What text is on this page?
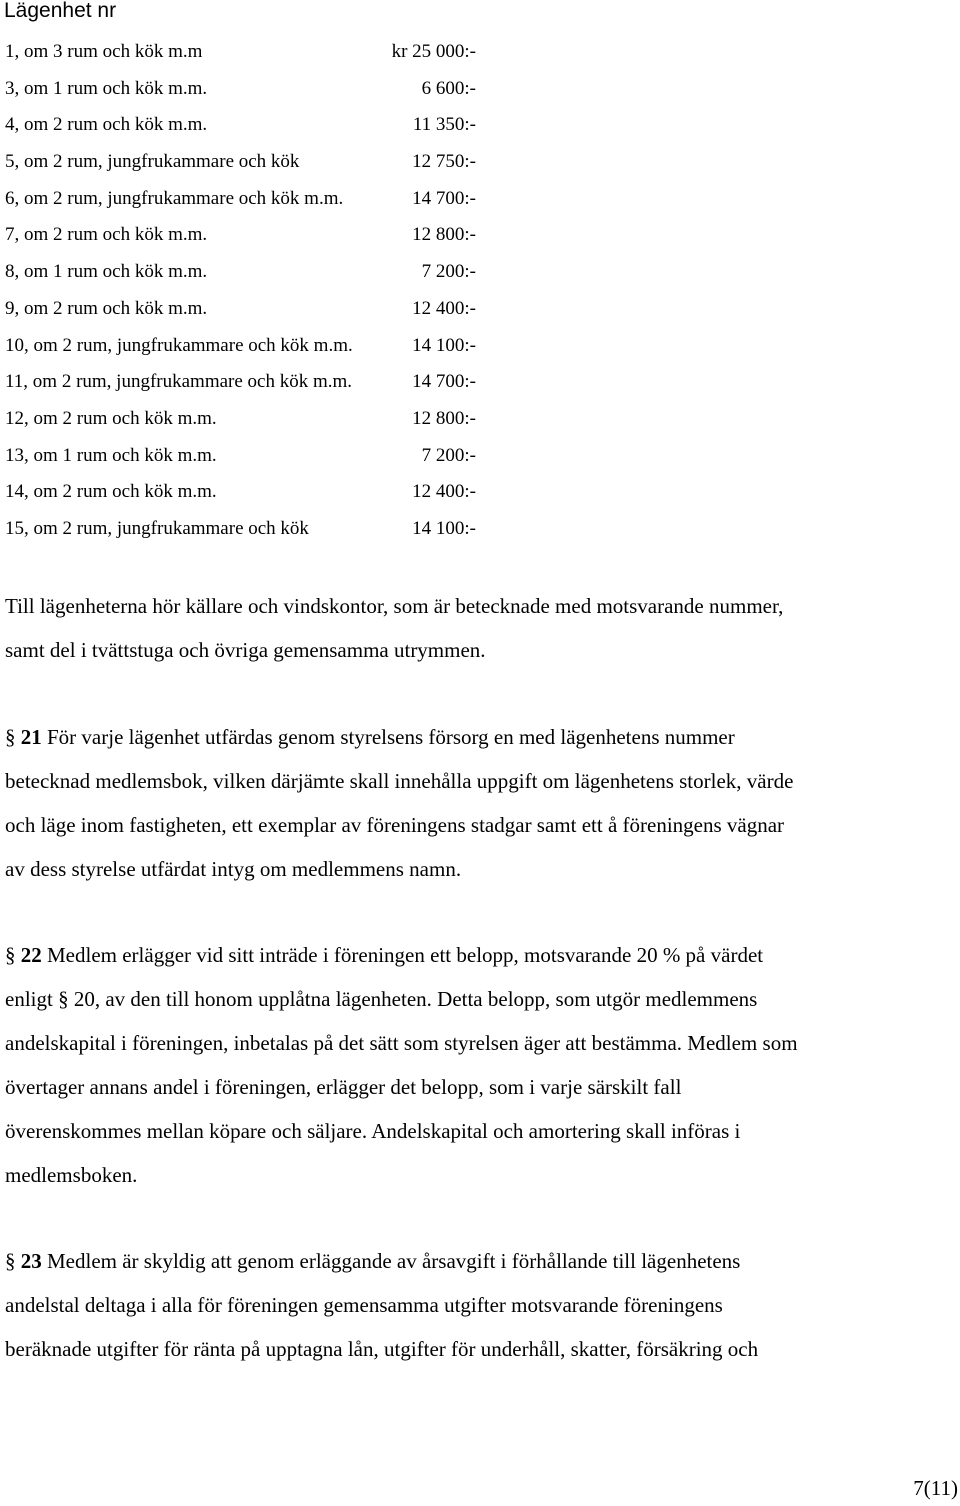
Lägenhet nr
1, om 3 rum och kök m.m	kr 25 000:-
3, om 1 rum och kök m.m.	6 600:-
4, om 2 rum och kök m.m.	11 350:-
5, om 2 rum, jungfrukammare och kök	12 750:-
6, om 2 rum, jungfrukammare och kök m.m.	14 700:-
7, om 2 rum och kök m.m.	12 800:-
8, om 1 rum och kök m.m.	7 200:-
9, om 2 rum och kök m.m.	12 400:-
10, om 2 rum, jungfrukammare och kök m.m.	14 100:-
11, om 2 rum, jungfrukammare och kök m.m.	14 700:-
12, om 2 rum och kök m.m.	12 800:-
13, om 1 rum och kök m.m.	7 200:-
14, om 2 rum och kök m.m.	12 400:-
15, om 2 rum, jungfrukammare och kök	14 100:-
Till lägenheterna hör källare och vindskontor, som är betecknade med motsvarande nummer,
samt del i tvättstuga och övriga gemensamma utrymmen.
§ 21 För varje lägenhet utfärdas genom styrelsens försorg en med lägenhetens nummer
betecknad medlemsbok, vilken därjämte skall innehålla uppgift om lägenhetens storlek, värde
och läge inom fastigheten, ett exemplar av föreningens stadgar samt ett å föreningens vägnar
av dess styrelse utfärdat intyg om medlemmens namn.
§ 22 Medlem erlägger vid sitt inträde i föreningen ett belopp, motsvarande 20 % på värdet
enligt § 20, av den till honom upplåtna lägenheten. Detta belopp, som utgör medlemmens
andelskapital i föreningen, inbetalas på det sätt som styrelsen äger att bestämma. Medlem som
övertager annans andel i föreningen, erlägger det belopp, som i varje särskilt fall
överenskommes mellan köpare och säljare. Andelskapital och amortering skall införas i
medlemsboken.
§ 23 Medlem är skyldig att genom erläggande av årsavgift i förhållande till lägenhetens
andelstal deltaga i alla för föreningen gemensamma utgifter motsvarande föreningens
beräknade utgifter för ränta på upptagna lån, utgifter för underhåll, skatter, försäkring och
7(11)
